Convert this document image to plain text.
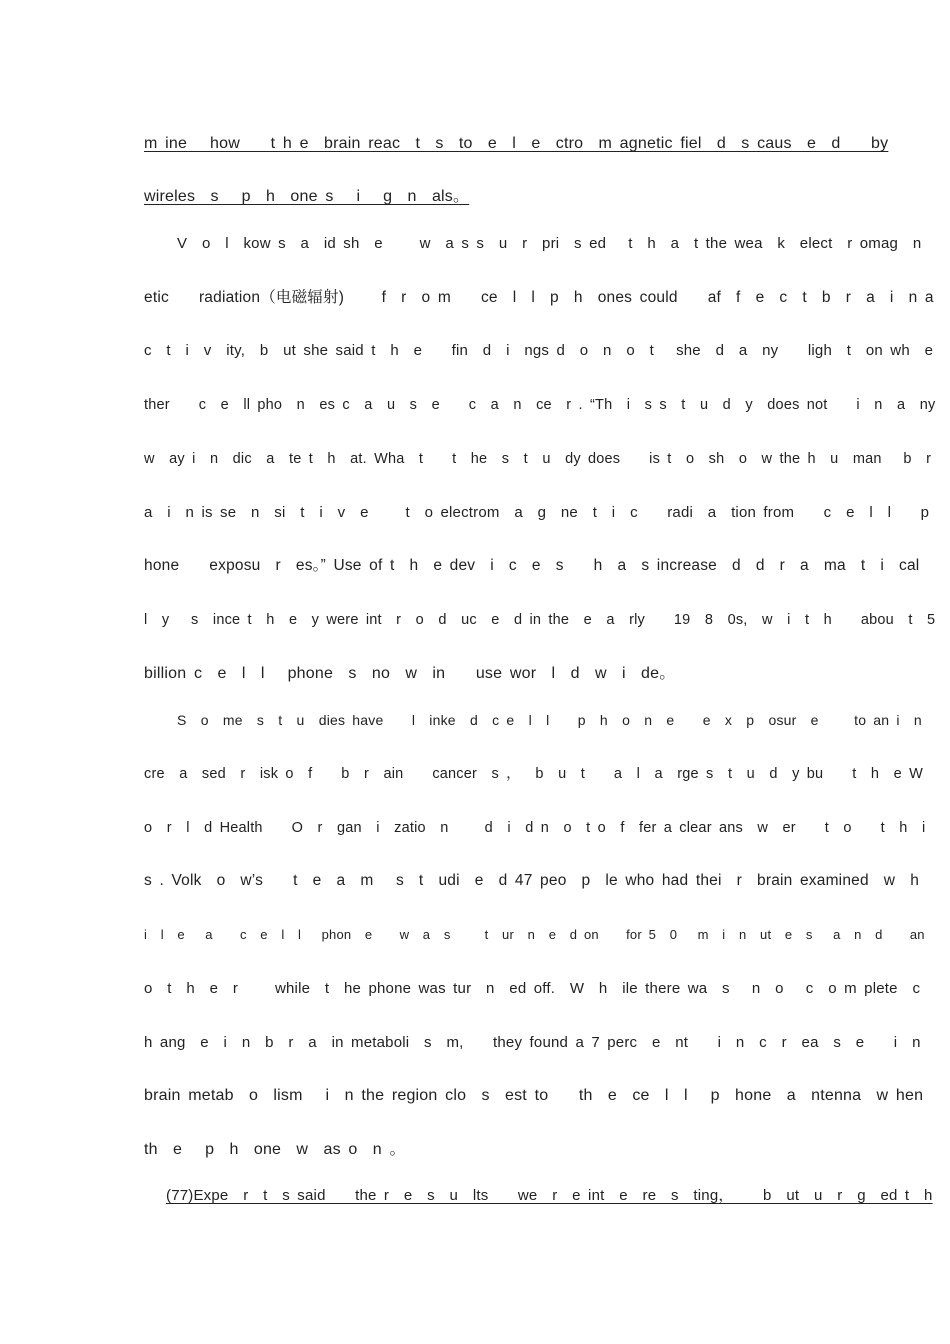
m ine   how    t h e  brain reac  t  s  to  e  l  e  ctro  m agnetic fiel  d  s caus  e  d    by
wireles  s   p  h  one s   i   g  n  als。
V  o  l  kow s  a  id sh  e     w  a s s  u  r  pri  s ed   t  h  a  t the wea  k  elect  r omag  n
etic    radiation（电磁辐射)     f  r  o m    ce  l  l  p  h  ones could    af  f  e  c  t  b  r  a  i  n a
c  t  i  v  ity,  b  ut she said t  h  e    fin  d  i  ngs d  o  n  o  t   she  d  a  ny    ligh  t  on wh  e
ther    c  e  ll pho  n  es c  a  u  s  e    c  a  n  ce  r . “Th  i  s s  t  u  d  y  does not    i  n  a  ny
w  ay i  n  dic  a  te t  h  at. Wha  t    t  he  s  t  u  dy does    is t  o  sh  o  w the h  u  man   b  r
a  i  n is se  n  si  t  i  v  e     t  o electrom  a  g  ne  t  i  c    radi  a  tion from    c  e  l  l    p
hone    exposu  r  es。” Use of t  h  e dev  i  c  e  s    h  a  s increase  d  d  r  a  ma  t  i  cal
l  y   s  ince t  h  e  y were int  r  o  d  uc  e  d in the  e  a  rly    19  8  0s,  w  i  t  h    abou  t  5
billion c  e  l  l   phone  s  no  w  in    use wor  l  d  w  i  de。
S  o  me  s  t  u  dies have    l  inke  d  c e  l  l    p  h  o  n  e    e  x  p  osur  e     to an i  n
cre  a  sed  r  isk o  f    b  r  ain    cancer  s ，  b  u  t    a  l  a  rge s  t  u  d  y bu    t  h  e W
o  r  l  d Health    O  r  gan  i  zatio  n     d  i  d n  o  t o  f  fer a clear ans  w  er    t  o    t  h  i
s . Volk  o  w’s    t  e  a  m   s  t  udi  e  d 47 peo  p  le who had thei  r  brain examined  w  h
i  l  e   a    c  e  l  l   phon  e    w  a  s     t  ur  n  e  d on    for 5  0   m  i  n  ut  e  s   a  n  d    an
o  t  h  e  r     while  t  he phone was tur  n  ed off.  W  h  ile there wa  s   n  o   c  o m plete  c
h ang  e  i  n  b  r  a  in metaboli  s  m,    they found a 7 perc  e  nt    i  n  c  r  ea  s  e    i  n
brain metab  o  lism   i  n the region clo  s  est to    th  e  ce  l  l   p  hone  a  ntenna  w hen
th  e   p  h  one  w  as o  n 。
(77)Expe  r  t  s said    the r  e  s  u  lts    we  r  e int  e  re  s  ting，    b  ut  u  r  g  ed t  h
